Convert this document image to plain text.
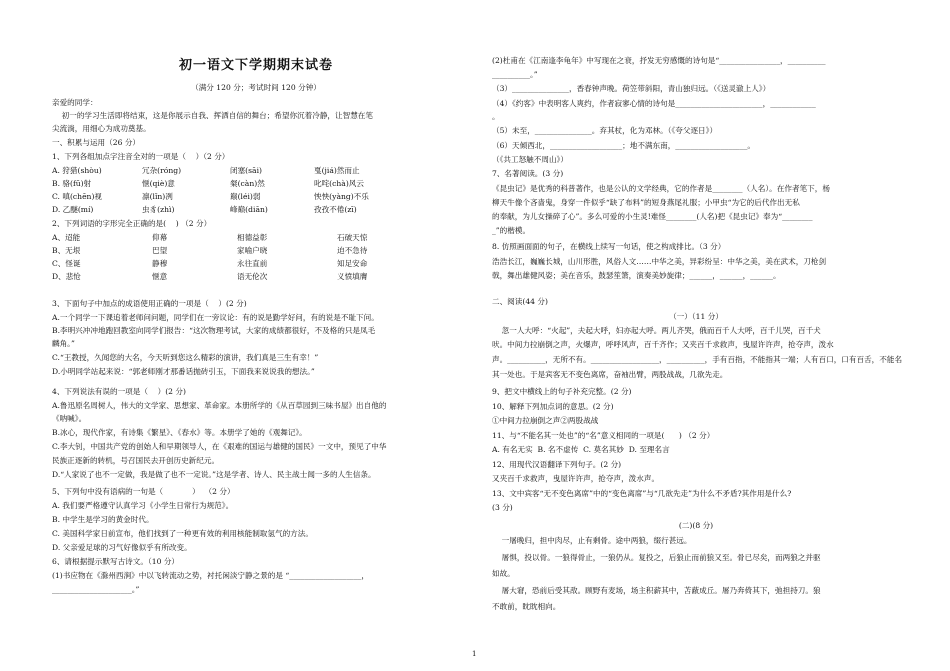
初一语文下学期期末试卷
（满分 120 分；考试时间 120 分钟）
亲爱的同学：
初一的学习生活即将结束，这是你展示自我、挥洒自信的舞台；希望你沉着冷静，让智慧在笔
尖流淌，用细心为成功奠基。
一、积累与运用（26 分）
1、下列各组加点字注音全对的一项是（    ）（2 分）
A. 狩猎(shòu)	冗杂(róng)	闭塞(sāi)	戛(jiá)然而止
B. 骆(fū)射	惬(qiè)意	粲(càn)然	叱咤(chà)风云
C. 嗔(chēn)视	凛(lǐn)冽	巅(léi)弱	怏怏(yàng)不乐
D. 乙醚(mí)	虫豸(zhì)	峰巅(diān)	孜孜不倦(zī)
2、下列词语的字形完全正确的是(    ) （2 分）
A、迢能	仰幕	相德益彰	石破天惊
B、无垠	巴望	家喻户晓	迫不急待
C、怪诞	静穆	永往直前	知足安命
D、悲怆	惬意	语无伦次	义愤填膺
3、下面句子中加点的成语使用正确的一项是（    ）(2 分)
A.一个同学一下课追着老师问问题，同学们在一旁议论：有的说是勤学好问，有的说是不耻下问。
B.李明兴冲冲地跑回教室向同学们报告：“这次物理考试，大家的成绩都很好，不及格的只是凤毛
麟角。”
C.“王教授，久闻您的大名，今天听到您这么精彩的演讲，我们真是三生有幸！”
D.小明同学站起来说：“郭老师刚才那番话抛砖引玉，下面我来说说我的想法。”
4、下列说法有误的一项是（    ）(2 分)
A.鲁迅原名周树人，伟大的文学家、思想家、革命家。本册所学的《从百草园到三味书屋》出自他的
《呐喊》。
B.冰心，现代作家，有诗集《繁星》、《春水》等。本册学了她的《观舞记》。
C.李大钊，中国共产党的创始人和早期领导人，在《艰难的国运与雄健的国民》一文中，预见了中华
民族正逐新的转机，号召国民去开创历史新纪元。
D.“人家说了也不一定做，我是做了也不一定说。”这是学者、诗人、民主战士闻一多的人生信条。
5、下列句中没有语病的一句是（            ）  （2 分）
A. 我们要严格遵守认真学习《小学生日常行为规范》。
B. 中学生是学习的黄金时代。
C. 美国科学家日前宣布，他们找到了一种更有效的利用核能制取氢气的方法。
D. 父亲爱足球的习气好像似乎有所改变。
6、请根据提示默写古诗文。（10 分）
(1)书应物在《滁州西涧》中以飞转流动之势，衬托闲淡宁静之景的是 “___________________，
_____________________。”
(2)杜甫在《江南逢李龟年》中写现在之衰，抒发无穷感慨的诗句是“________________，__________
__________。”
（3）_______________，香春钟声晚。荷笠带斜阳，青山独归远。（《送灵澈上人》）
（4）《约客》中表明客人爽约，作者寂寥心情的诗句是_______________________，____________
。
（5）未至，_______________。弃其杖，化为邓林。（《夸父逐日》）
（6）天倾西北，___________________；地不满东南，___________________。
（《共工怒触不周山》）
7、名著阅读。(3 分)
《昆虫记》是优秀的科普著作，也是公认的文学经典，它的作者是________（人名）。在作者笔下，杨
柳天牛像个吝啬鬼，身穿一件似乎“缺了布料”的短身燕尾礼服；小甲虫“为它的后代作出无私
的奉献，为儿女操碎了心”。多么可爱的小生灵!难怪________(人名)把《昆虫记》奉为“________
_”的楷模。
8. 仿照画面面的句子，在横线上续写一句话，使之构成排比。（3 分）
浩浩长江，巍巍长城，山川形胜，风俗人文……中华之美，异彩纷呈：中华之美，美在武术，刀枪剑
戟，舞出雄健风姿；美在音乐，鼓瑟笙箫，演奏美妙旋律；______，______，______。
二、阅读(44 分)
（一）（11 分）
忽一人大呼：“火起”，夫起大呼，妇亦起大呼。两儿齐哭，俄而百千人大呼，百千儿哭，百千犬
吠。中间力拉崩倒之声，火爆声，呼呼风声，百千齐作；又夹百千求救声，曳屋许许声，抢夺声，泼水
声。__________，无所不有。__________________，__________，手有百指，不能指其一端；人有百口，口有百舌，不能名
其一处也。于是宾客无不变色离席，奋袖出臂，两股战战，几欲先走。
9、把文中横线上的句子补充完整。(2 分)
10、解释下列加点词的意思。(2 分)
①中间力拉崩倒之声②两股战战
11、与“不能名其一处也”的“名”意义相同的一项是(      ) （2 分）
A. 有名无实  B. 名不虚传  C. 莫名其妙  D. 至理名言
12、用现代汉语翻译下列句子。(2 分)
又夹百千求救声，曳屋许许声，抢夺声，泼水声。
13、文中宾客“无不变色离席”中的“变色离席”与“几欲先走”为什么不矛盾?其作用是什么?
(3 分)
(二)(8 分)
一屠晚归，担中肉尽，止有剩骨。途中两狼，缀行甚远。
屠惧，投以骨。一狼得骨止，一狼仍从。复投之，后狼止而前狼又至。骨已尽矣，而两狼之并驱
如故。
屠大窘，恐前后受其敌。顾野有麦场，场主积薪其中，苫蔽成丘。屠乃奔倚其下，弛担持刀。狼
不敢前，眈眈相向。
1
